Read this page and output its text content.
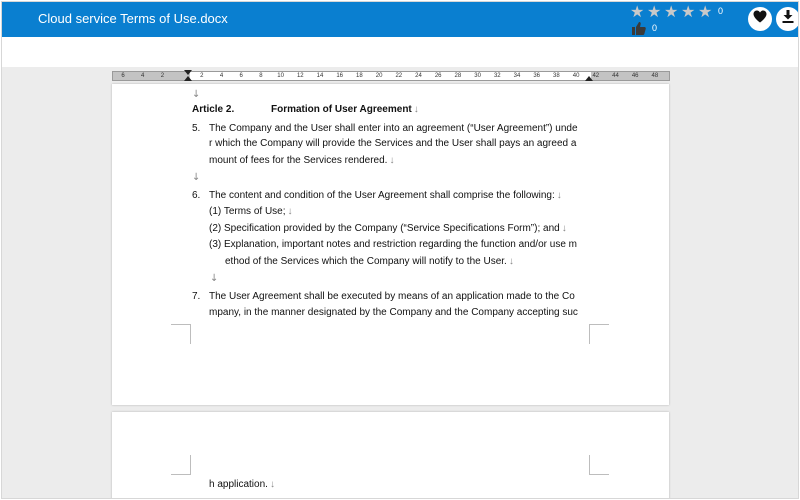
Cloud service Terms of Use.docx	★ ★ ★ ★ ★ 0
0
6	4	2	2	4	6	8 10 12 14 16 18 20 22 24 26 28 30 32 34 36 38 40 42 44 46 48
↓
Article 2.	Formation of User Agreement ↓
5. The Company and the User shall enter into an agreement (“User Agreement”) unde
r which the Company will provide the Services and the User shall pays an agreed a
mount of fees for the Services rendered. ↓
↓
6. The content and condition of the User Agreement shall comprise the following: ↓
(1) Terms of Use; ↓
(2) Specification provided by the Company (“Service Specifications Form”); and ↓
(3) Explanation, important notes and restriction regarding the function and/or use m
ethod of the Services which the Company will notify to the User. ↓
↓
7. The User Agreement shall be executed by means of an application made to the Co
mpany, in the manner designated by the Company and the Company accepting suc
h application. ↓
